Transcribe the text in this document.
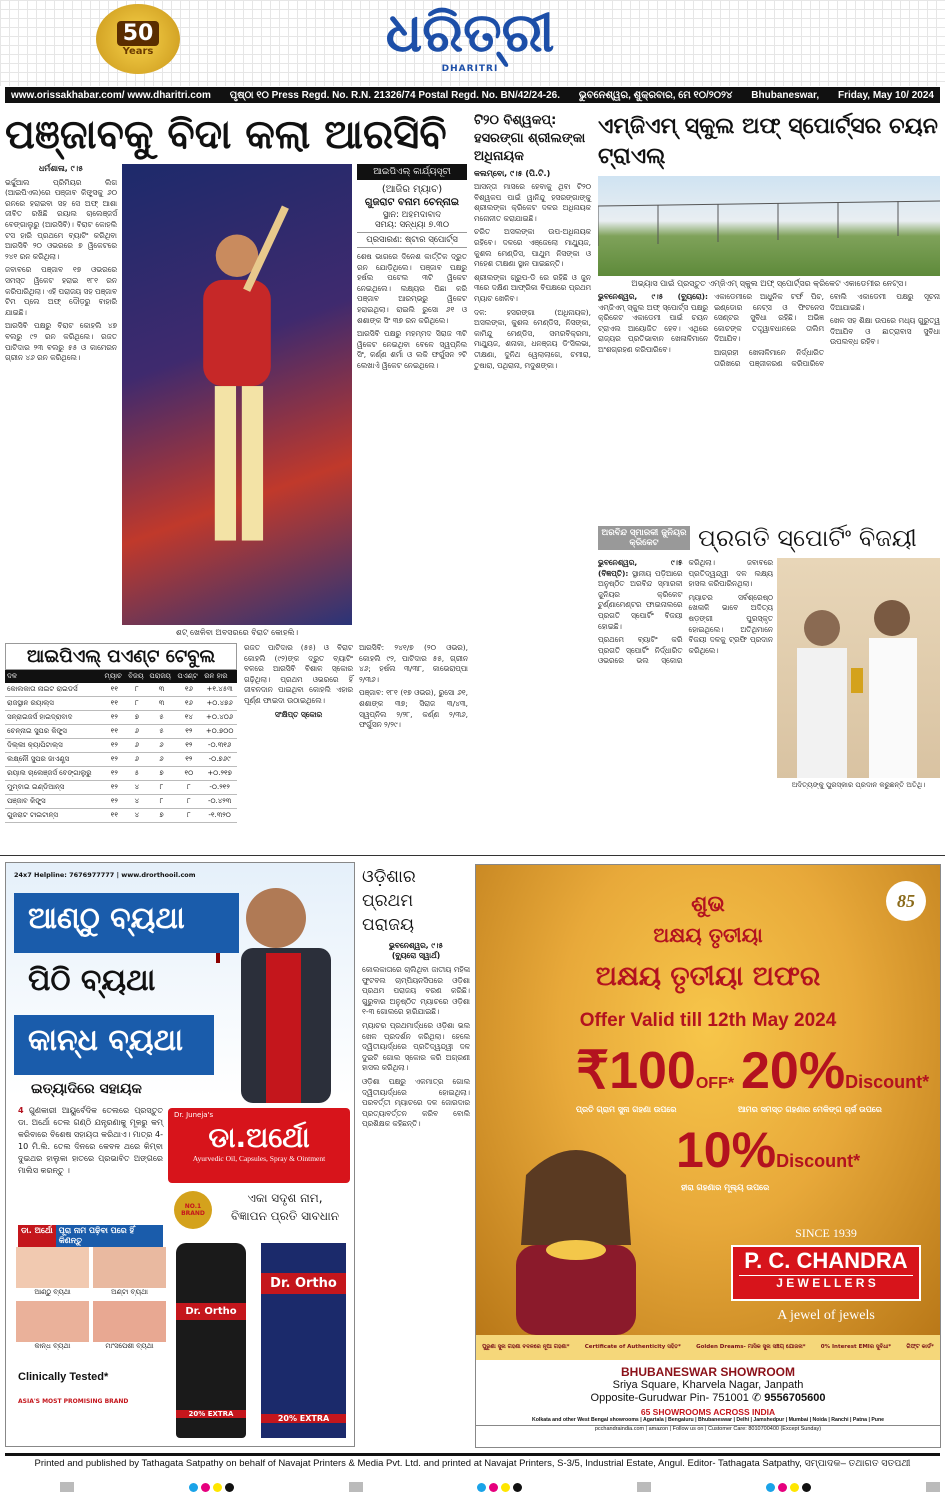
50
Years	ଧରିତ୍ରୀ
DHARITRI
www.orissakhabar.com/ www.dharitri.com ପୃଷ୍ଠା ୧୦ Press Regd. No. R.N. 21326/74 Postal Regd. No. BN/42/24-26. ଭୁବନେଶ୍ୱର, ଶୁକ୍ରବାର, ମେ ୧୦/୨୦୨୪ Bhubaneswar, Friday, May 10/ 2024
ପଞ୍ଜାବକୁ ବିଦା କଲା ଆରସିବି

ଧର୍ମଶାଳା, ୯।୫

ଭର୍ଚ୍ଚୁଆଲ ପ୍ରିମିୟର ଲିଗ (ଆଇପିଏଲ)ରେ ପଞ୍ଜାବ କିଙ୍ଗ୍ସକୁ ୬୦ ରନରେ ହରାଇବା ସହ ସେ ଅଫ୍ ଆଶା ଜୀବିତ ରଖିଛି ରୟାଲ ଚାଲେଞ୍ଜର୍ସ ବେଙ୍ଗାଲୁରୁ (ଆରସିବି)। ବିରାଟ କୋହଲି ଟସ ହାରି ପ୍ରଥମେ ବ୍ୟାଟିଂ କରିଥିବା ଆରସିବି ୨୦ ଓଭରରେ ୭ ୱିକେଟରେ ୨୪୧ ରନ କରିଥିଲା।

ଜବାବରେ ପଞ୍ଜାବ ୧୭ ଓଭରରେ ସମସ୍ତ ୱିକେଟ ହରାଇ ୧୮୧ ରନ କରିପାରିଥିଲା। ଏହି ପରାଜୟ ସହ ପଞ୍ଜାବ ଟିମ ପ୍ଲେ ଅଫ୍ ଦୌଡ଼ରୁ ବାହାରି ଯାଇଛି।

ଆରସିବି ପକ୍ଷରୁ ବିରାଟ କୋହଲି ୪୭ ବଲରୁ ୯୨ ରନ କରିଥିଲେ। ରଜତ ପାଟିଦାର ୨୩ ବଲରୁ ୫୫ ଓ କାମେରନ ଗ୍ରୀନ ୪୬ ରନ କରିଥିଲେ।

ଶଟ୍ ଖେଳିବା ଅବସରରେ ବିରାଟ କୋହଲି।
ଆଇପିଏଲ୍ କାର୍ଯ୍ୟସୂଚୀ
(ଆଜିର ମ୍ୟାଚ)
ଗୁଜରାଟ ବନାମ ଚେନ୍ନାଇ
ସ୍ଥାନ: ଅହମଦାବାଦ
ସମୟ: ସନ୍ଧ୍ୟା ୭.୩୦
ପ୍ରସାରଣ: ଷ୍ଟାର ସ୍ପୋର୍ଟ୍ସ

ଶେଷ ଭାଗରେ ଦିନେଶ କାର୍ତ୍ତିକ ଦ୍ରୁତ ରନ ଯୋଡ଼ିଥିଲେ। ପଞ୍ଜାବ ପକ୍ଷରୁ ହର୍ଷଲ ପଟେଲ ୩ଟି ୱିକେଟ ନେଇଥିଲେ। ଲକ୍ଷ୍ୟର ପିଛା କରି ପଞ୍ଜାବ ଆରମ୍ଭରୁ ୱିକେଟ ହରାଇଥିଲା। ରାଇଲି ରୁସୋ ୬୧ ଓ ଶଶାଙ୍କ ସିଂ ୩୭ ରନ କରିଥିଲେ।

ଆରସିବି ପକ୍ଷରୁ ମହମ୍ମଦ ସିରାଜ ୩ଟି ୱିକେଟ ନେଇଥିବା ବେଳେ ସ୍ୱପ୍ନିଲ ସିଂ, କର୍ଣ୍ଣ ଶର୍ମା ଓ ଲକି ଫର୍ଗୁସନ ୨ଟି ଲେଖାଏଁ ୱିକେଟ ନେଇଥିଲେ।

ଆଇପିଏଲ୍ ପଏଣ୍ଟ ଟେବୁଲ
ଦଳ	ମ୍ୟାଚ	ବିଜୟ	ପରାଜୟ	ପଏଣ୍ଟ	ରନ ହାର
କୋଲକାତା ନାଇଟ ରାଇଡର୍ସ	୧୧	୮	୩	୧୬	+୧.୪୫୩
ରାଜସ୍ଥାନ ରୟାଲ୍ସ	୧୧	୮	୩	୧୬	+୦.୪୭୬
ସନ୍‌ରାଇଜର୍ସ ହାଇଦ୍ରାବାଦ	୧୨	୭	୫	୧୪	+୦.୪୦୬
ଚେନ୍ନାଇ ସୁପର କିଙ୍ଗ୍ସ	୧୧	୬	୫	୧୨	+୦.୭୦୦
ଦିଲ୍ଲୀ କ୍ୟାପିଟାଲ୍ସ	୧୨	୬	୬	୧୨	-୦.୩୧୬
ଲକ୍ଷ୍ନୌ ସୁପର ଜାଏଣ୍ଟ୍ସ	୧୨	୬	୬	୧୨	-୦.୭୬୯
ରୟାଲ ଚାଲେଞ୍ଜର୍ସ ବେଙ୍ଗାଲୁରୁ	୧୨	୫	୭	୧୦	+୦.୨୧୭
ମୁମ୍ବାଇ ଇଣ୍ଡିଆନ୍ସ	୧୨	୪	୮	୮	-୦.୨୧୨
ପଞ୍ଜାବ କିଙ୍ଗ୍ସ	୧୨	୪	୮	୮	-୦.୪୨୩
ଗୁଜରାଟ ଟାଇଟାନ୍ସ	୧୧	୪	୭	୮	-୧.୩୨୦

ରଜତ ପାଟିଦାର (୫୫) ଓ ବିରାଟ କୋହଲି (୯୨)ଙ୍କ ଦ୍ରୁତ ବ୍ୟାଟିଂ ବଳରେ ଆରସିବି ବିଶାଳ ସ୍କୋର ଗଢ଼ିଥିଲା। ପ୍ରଥମ ଓଭରରେ ହିଁ ଜୀବନଦାନ ପାଇଥିବା କୋହଲି ଏହାର ପୂର୍ଣ୍ଣ ଫାଇଦା ଉଠାଇଥିଲେ।

ସଂକ୍ଷିପ୍ତ ସ୍କୋର

ଆରସିବି: ୨୪୧/୭ (୨୦ ଓଭର), କୋହଲି ୯୨, ପାଟିଦାର ୫୫, ଗ୍ରୀନ ୪୬; ହର୍ଷଲ ୩/୩୮, କାଭେରାପ୍ପା ୨/୩୬।

ପଞ୍ଜାବ: ୧୮୧ (୧୭ ଓଭର), ରୁସୋ ୬୧, ଶଶାଙ୍କ ୩୭; ସିରାଜ ୩/୪୩, ସ୍ୱପ୍ନିଲ ୨/୨୮, କର୍ଣ୍ଣ ୨/୩୬, ଫର୍ଗୁସନ ୨/୨୯।

ଟି୨୦ ବିଶ୍ୱକପ୍: ହସରଙ୍ଗା ଶ୍ରୀଲଙ୍କା ଅଧିନାୟକ
କଲମ୍ବୋ, ୯।୫ (ପି.ଟି.)

ଆସନ୍ତା ମାସରେ ହେବାକୁ ଥିବା ଟି୨୦ ବିଶ୍ୱକପ ପାଇଁ ୱାନିନ୍ଦୁ ହସରଙ୍ଗାଙ୍କୁ ଶ୍ରୀଲଙ୍କା କ୍ରିକେଟ ଦଳର ଅଧିନାୟକ ମନୋନୀତ କରାଯାଇଛି।

ଚରିତ ଅସଲଙ୍କା ଉପ-ଅଧିନାୟକ ରହିବେ। ଦଳରେ ଏଞ୍ଜେଲୋ ମାଥ୍ୟୁଜ, କୁଶଲ ମେଣ୍ଡିସ, ପାଥୁମ ନିସଙ୍କା ଓ ମହେଶ ତୀକ୍ଷଣା ସ୍ଥାନ ପାଇଛନ୍ତି।

ଶ୍ରୀଲଙ୍କା ଗ୍ରୁପ-ଡି ରେ ରହିଛି ଓ ଜୁନ ୩ରେ ଦକ୍ଷିଣ ଆଫ୍ରିକା ବିପକ୍ଷରେ ପ୍ରଥମ ମ୍ୟାଚ ଖେଳିବ।

ଦଳ: ହସରଙ୍ଗା (ଅଧିନାୟକ), ଅସଲଙ୍କା, କୁଶଲ ମେଣ୍ଡିସ, ନିସଙ୍କା, କାମିନ୍ଦୁ ମେଣ୍ଡିସ, ସମରବିକ୍ରମା, ମାଥ୍ୟୁଜ, ଶନାକା, ଧନଞ୍ଜୟ ଡି'ସିଲଭା, ତୀକ୍ଷଣା, ଦୁନିଥ ୱେଲାଲାଗେ, ଚମୀରା, ତୁଷାରା, ପଥିରାନା, ମଦୁଶଙ୍କା।

ଏମ୍‌ଜିଏମ୍ ସ୍କୁଲ ଅଫ୍ ସ୍ପୋର୍ଟ୍ସର ଚୟନ ଟ୍ରାଏଲ୍
ଅଭ୍ୟାସ ପାଇଁ ପ୍ରସ୍ତୁତ ଏମ୍‌ଜିଏମ୍ ସ୍କୁଲ ଅଫ୍ ସ୍ପୋର୍ଟ୍ସର କ୍ରିକେଟ ଏକାଡେମୀର ନେଟ୍ସ।

ଭୁବନେଶ୍ୱର, ୯।୫ (ବ୍ୟୁରୋ): ଏମ୍‌ଜିଏମ୍ ସ୍କୁଲ ଅଫ୍ ସ୍ପୋର୍ଟ୍ସ ପକ୍ଷରୁ କ୍ରିକେଟ ଏକାଡେମୀ ପାଇଁ ଚୟନ ଟ୍ରାଏଲ ଆୟୋଜିତ ହେବ। ଏଥିରେ ରାଜ୍ୟର ପ୍ରତିଭାବାନ ଖେଳାଳିମାନେ ଅଂଶଗ୍ରହଣ କରିପାରିବେ।

ଏକାଡେମୀରେ ଆଧୁନିକ ଟର୍ଫ ପିଚ, ଇଣ୍ଡୋର ନେଟ୍ସ ଓ ଫିଟନେସ ସେଣ୍ଟର ସୁବିଧା ରହିଛି। ଅଭିଜ୍ଞ କୋଚଙ୍କ ତତ୍ତ୍ୱାବଧାନରେ ତାଲିମ ଦିଆଯିବ।

ଆଗ୍ରହୀ ଖେଳାଳିମାନେ ନିର୍ଦ୍ଧାରିତ ତାରିଖରେ ପଞ୍ଜୀକରଣ କରିପାରିବେ ବୋଲି ଏକାଡେମୀ ପକ୍ଷରୁ ସୂଚନା ଦିଆଯାଇଛି।

ଖେଳ ସହ ଶିକ୍ଷା ଉପରେ ମଧ୍ୟ ଗୁରୁତ୍ୱ ଦିଆଯିବ ଓ ଛାତ୍ରାବାସ ସୁବିଧା ଉପଲବ୍ଧ ରହିବ।

ଅରବିନ୍ଦ ସ୍ମାରକୀ ଜୁନିୟର କ୍ରିକେଟ	ପ୍ରଗତି ସ୍ପୋର୍ଟିଂ ବିଜୟୀ

ଭୁବନେଶ୍ୱର, ୯।୫ (ବିଜ୍ଞପ୍ତି): ସ୍ଥାନୀୟ ପଡ଼ିଆରେ ଅନୁଷ୍ଠିତ ଅରବିନ୍ଦ ସ୍ମାରକୀ ଜୁନିୟର କ୍ରିକେଟ ଟୁର୍ଣ୍ଣାମେଣ୍ଟର ଫାଇନାଲରେ ପ୍ରଗତି ସ୍ପୋର୍ଟିଂ ବିଜୟୀ ହୋଇଛି।

ପ୍ରଥମେ ବ୍ୟାଟିଂ କରି ପ୍ରଗତି ସ୍ପୋର୍ଟିଂ ନିର୍ଦ୍ଧାରିତ ଓଭରରେ ଭଲ ସ୍କୋର କରିଥିଲା। ଜବାବରେ ପ୍ରତିଦ୍ୱନ୍ଦ୍ୱୀ ଦଳ ଲକ୍ଷ୍ୟ ହାସଲ କରିପାରିନଥିଲା।

ମ୍ୟାଚର ସର୍ବଶ୍ରେଷ୍ଠ ଖେଳାଳି ଭାବେ ଅଦିତ୍ୟ ଷଡ଼ଙ୍ଗୀ ପୁରସ୍କୃତ ହୋଇଥିଲେ। ଅତିଥିମାନେ ବିଜୟୀ ଦଳକୁ ଟ୍ରଫି ପ୍ରଦାନ କରିଥିଲେ।

ଅଦିତ୍ୟଙ୍କୁ ପୁରସ୍କାର ପ୍ରଦାନ କରୁଛନ୍ତି ଅତିଥି।
24x7 Helpline: 7676977777 | www.drorthooil.com
ଆଣ୍ଠୁ ବ୍ୟଥା
ପିଠି ବ୍ୟଥା
କାନ୍ଧ ବ୍ୟଥା
ଇତ୍ୟାଦିରେ ସହାୟକ
4 ଗୁଣକାରୀ ଆୟୁର୍ବେଦିକ ତେଲରେ ପ୍ରସ୍ତୁତ ଡା. ଅର୍ଥୋ ତେଲ ଗଣ୍ଠି ଯନ୍ତ୍ରଣାକୁ ମୂଳରୁ କମ୍ କରିବାରେ ବିଶେଷ ସହାୟତା କରିଥାଏ। ମାତ୍ର 4-10 ମି.ଲି. ତେଲ ଦିନରେ କେବଳ ଥରେ କିମ୍ବା ଦୁଇଥର ହାଲୁକା ହାତରେ ପ୍ରଭାବିତ ଅଙ୍ଗରେ ମାଲିସ କରନ୍ତୁ ।
ଡା. ଅର୍ଥୋ ପୂରା ନାମ ପଢ଼ିବା ପରେ ହିଁ କିଣନ୍ତୁ
Dr. Juneja's
ଡା.ଅର୍ଥୋ
Ayurvedic Oil, Capsules, Spray & Ointment
NO.1 BRAND
ଏକା ସଦୃଶ ନାମ,
ବିଜ୍ଞାପନ ପ୍ରତି ସାବଧାନ
ଆଣ୍ଠୁ ବ୍ୟଥା	ଅଣ୍ଟା ବ୍ୟଥା
କାନ୍ଧ ବ୍ୟଥା	ମାଂସପେଶୀ ବ୍ୟଥା
Clinically Tested*
ASIA'S MOST PROMISING BRAND
Dr. Ortho
20% EXTRA
Dr. Ortho
20% EXTRA
ଓଡ଼ିଶାର ପ୍ରଥମ ପରାଜୟ
ଭୁବନେଶ୍ୱର, ୯।୫
(ବ୍ୟୁରୋ ସ୍ୱାର୍ଥ)

କୋଲକାତାରେ ଚାଲିଥିବା ଜାତୀୟ ମହିଳା ଫୁଟବଲ ଚାମ୍ପିୟନସିପରେ ଓଡ଼ିଶା ପ୍ରଥମ ପରାଜୟ ବରଣ କରିଛି। ଗୁରୁବାର ଅନୁଷ୍ଠିତ ମ୍ୟାଚରେ ଓଡ଼ିଶା ୧-୩ ଗୋଲରେ ହାରିଯାଇଛି।

ମ୍ୟାଚର ପ୍ରଥମାର୍ଦ୍ଧରେ ଓଡ଼ିଶା ଭଲ ଖେଳ ପ୍ରଦର୍ଶନ କରିଥିଲା। ହେଲେ ଦ୍ୱିତୀୟାର୍ଦ୍ଧରେ ପ୍ରତିଦ୍ୱନ୍ଦ୍ୱୀ ଦଳ ଦୁଇଟି ଗୋଲ ସ୍କୋର କରି ଅଗ୍ରଣୀ ହାସଲ କରିଥିଲା।

ଓଡ଼ିଶା ପକ୍ଷରୁ ଏକମାତ୍ର ଗୋଲ ଦ୍ୱିତୀୟାର୍ଦ୍ଧରେ ହୋଇଥିଲା। ପରବର୍ତ୍ତୀ ମ୍ୟାଚରେ ଦଳ ଜୋରଦାର ପ୍ରତ୍ୟାବର୍ତ୍ତନ କରିବ ବୋଲି ପ୍ରଶିକ୍ଷକ କହିଛନ୍ତି।

85
ଶୁଭ
ଅକ୍ଷୟ ତୃତୀୟା
ଅକ୍ଷୟ ତୃତୀୟା ଅଫର
Offer Valid till 12th May 2024
₹100OFF*
ପ୍ରତି ଗ୍ରାମ ସୁନା ଗହଣା ଉପରେ
20%Discount*
ଆମର ସମସ୍ତ ଗହଣାର ମେକିଙ୍ଗ ଚାର୍ଜ ଉପରେ
10%Discount*
ହୀରା ଗହଣାର ମୂଲ୍ୟ ଉପରେ
SINCE 1939
P. C. CHANDRA
J E W E L L E R S
A jewel of jewels
ପୁରୁଣା ସୁନା ଗହଣା ବଦଳରେ ନୂଆ ଗହଣା*	Certificate of Authenticity ସହିତ*	Golden Dreams- ମାସିକ ସୁନା ସଞ୍ଚୟ ଯୋଜନା*	0% Interest EMIର ସୁବିଧା*	ଗିଫ୍ଟ କାର୍ଡ*
BHUBANESWAR SHOWROOM
Sriya Square, Kharvela Nagar, Janpath
Opposite-Gurudwar Pin- 751001 ✆ 9556705600
65 SHOWROOMS ACROSS INDIA
Kolkata and other West Bengal showrooms | Agartala | Bengaluru | Bhubaneswar | Delhi | Jamshedpur | Mumbai | Noida | Ranchi | Patna | Pune
pcchandraindia.com | amazon | Follow us on | Customer Care: 8010700400 (Except Sunday)
Printed and published by Tathagata Satpathy on behalf of Navajat Printers & Media Pvt. Ltd. and printed at Navajat Printers, S-3/5, Industrial Estate, Angul. Editor- Tathagata Satpathy, ସମ୍ପାଦକ– ତଥାଗତ ସତପଥୀ
